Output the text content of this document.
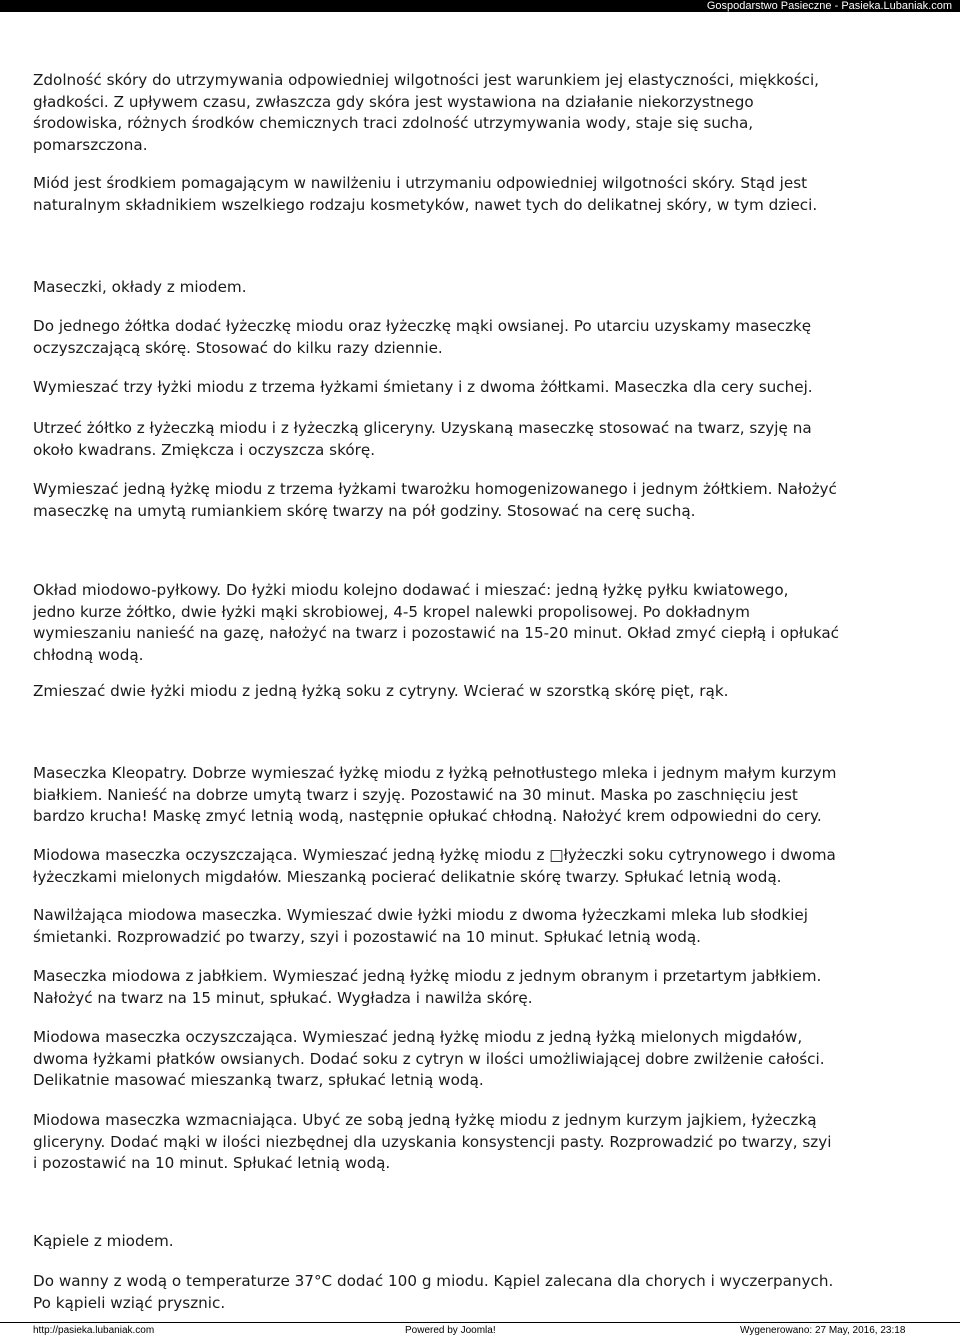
Gospodarstwo Pasieczne - Pasieka.Lubaniak.com

Zdolność skóry do utrzymywania odpowiedniej wilgotności jest warunkiem jej elastyczności, miękkości,
gładkości. Z upływem czasu, zwłaszcza gdy skóra jest wystawiona na działanie niekorzystnego
środowiska, różnych środków chemicznych traci zdolność utrzymywania wody, staje się sucha,
pomarszczona.

Miód jest środkiem pomagającym w nawilżeniu i utrzymaniu odpowiedniej wilgotności skóry. Stąd jest
naturalnym składnikiem wszelkiego rodzaju kosmetyków, nawet tych do delikatnej skóry, w tym dzieci.

Maseczki, okłady z miodem.

Do jednego żółtka dodać łyżeczkę miodu oraz łyżeczkę mąki owsianej. Po utarciu uzyskamy maseczkę
oczyszczającą skórę. Stosować do kilku razy dziennie.

Wymieszać trzy łyżki miodu z trzema łyżkami śmietany i z dwoma żółtkami. Maseczka dla cery suchej.

Utrzeć żółtko z łyżeczką miodu i z łyżeczką gliceryny. Uzyskaną maseczkę stosować na twarz, szyję na
około kwadrans. Zmiękcza i oczyszcza skórę.

Wymieszać jedną łyżkę miodu z trzema łyżkami twarożku homogenizowanego i jednym żółtkiem. Nałożyć
maseczkę na umytą rumiankiem skórę twarzy na pół godziny. Stosować na cerę suchą.

Okład miodowo-pyłkowy. Do łyżki miodu kolejno dodawać i mieszać: jedną łyżkę pyłku kwiatowego,
jedno kurze żółtko, dwie łyżki mąki skrobiowej, 4-5 kropel nalewki propolisowej. Po dokładnym
wymieszaniu nanieść na gazę, nałożyć na twarz i pozostawić na 15-20 minut. Okład zmyć ciepłą i opłukać
chłodną wodą.

Zmieszać dwie łyżki miodu z jedną łyżką soku z cytryny. Wcierać w szorstką skórę pięt, rąk.

Maseczka Kleopatry. Dobrze wymieszać łyżkę miodu z łyżką pełnotłustego mleka i jednym małym kurzym
białkiem. Nanieść na dobrze umytą twarz i szyję. Pozostawić na 30 minut. Maska po zaschnięciu jest
bardzo krucha! Maskę zmyć letnią wodą, następnie opłukać chłodną. Nałożyć krem odpowiedni do cery.

Miodowa maseczka oczyszczająca. Wymieszać jedną łyżkę miodu z □łyżeczki soku cytrynowego i dwoma
łyżeczkami mielonych migdałów. Mieszanką pocierać delikatnie skórę twarzy. Spłukać letnią wodą.

Nawilżająca miodowa maseczka. Wymieszać dwie łyżki miodu z dwoma łyżeczkami mleka lub słodkiej
śmietanki. Rozprowadzić po twarzy, szyi i pozostawić na 10 minut. Spłukać letnią wodą.

Maseczka miodowa z jabłkiem. Wymieszać jedną łyżkę miodu z jednym obranym i przetartym jabłkiem.
Nałożyć na twarz na 15 minut, spłukać. Wygładza i nawilża skórę.

Miodowa maseczka oczyszczająca. Wymieszać jedną łyżkę miodu z jedną łyżką mielonych migdałów,
dwoma łyżkami płatków owsianych. Dodać soku z cytryn w ilości umożliwiającej dobre zwilżenie całości.
Delikatnie masować mieszanką twarz, spłukać letnią wodą.

Miodowa maseczka wzmacniająca. Ubyć ze sobą jedną łyżkę miodu z jednym kurzym jajkiem, łyżeczką
gliceryny. Dodać mąki w ilości niezbędnej dla uzyskania konsystencji pasty. Rozprowadzić po twarzy, szyi
i pozostawić na 10 minut. Spłukać letnią wodą.

Kąpiele z miodem.

Do wanny z wodą o temperaturze 37°C dodać 100 g miodu. Kąpiel zalecana dla chorych i wyczerpanych.
Po kąpieli wziąć prysznic.

http://pasieka.lubaniak.com	Powered by Joomla!	Wygenerowano: 27 May, 2016, 23:18
